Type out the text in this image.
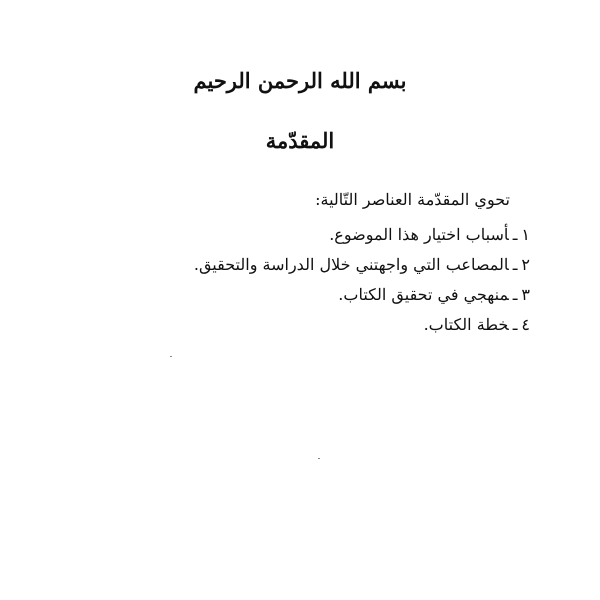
بسم الله الرحمن الرحيم
المقدّمة
تحوي المقدّمة العناصر التّالية:
١ـأسباب اختيار هذا الموضوع.
٢ـالمصاعب التي واجهتني خلال الدراسة والتحقيق.
٣ـمنهجي في تحقيق الكتاب.
٤ـخطة الكتاب.
